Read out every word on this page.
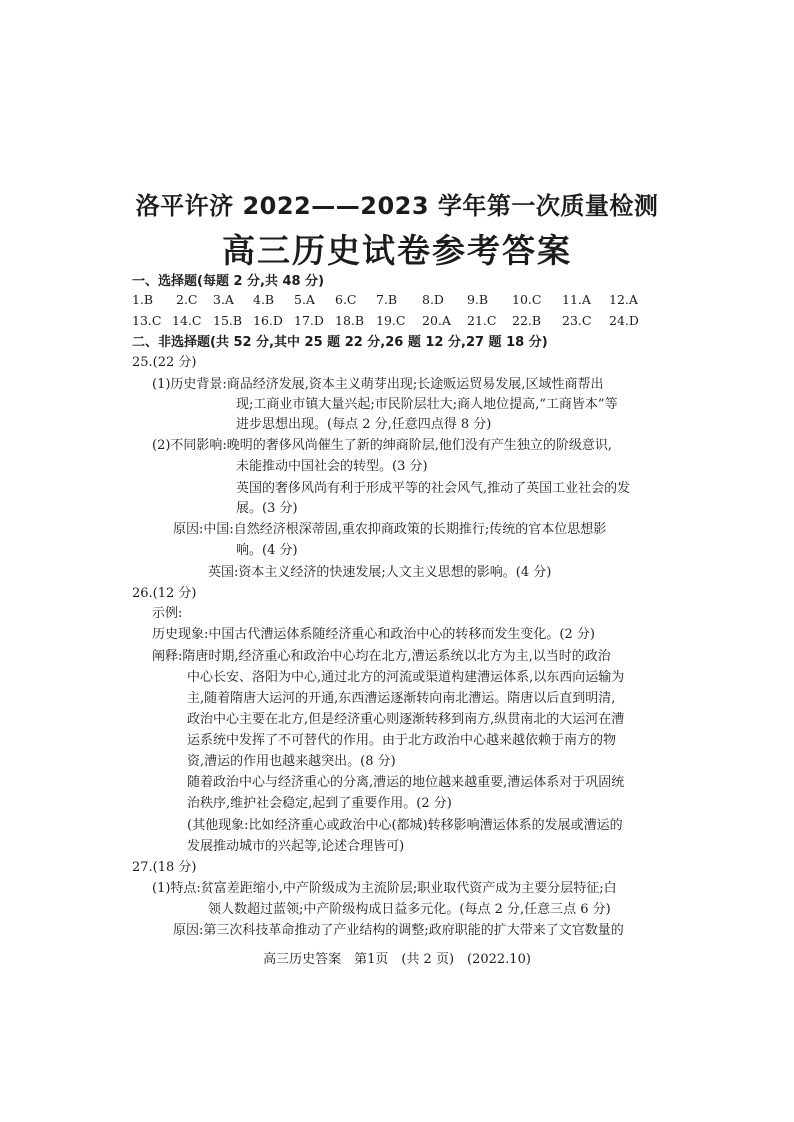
洛平许济 2022——2023 学年第一次质量检测
高三历史试卷参考答案
一、选择题(每题 2 分,共 48 分)
1.B 2.C 3.A 4.B 5.A 6.C 7.B 8.D 9.B 10.C 11.A 12.A
13.C 14.C 15.B 16.D 17.D 18.B 19.C 20.A 21.C 22.B 23.C 24.D
二、非选择题(共 52 分,其中 25 题 22 分,26 题 12 分,27 题 18 分)
25.(22 分)
(1)历史背景:商品经济发展,资本主义萌芽出现;长途贩运贸易发展,区域性商帮出
现;工商业市镇大量兴起;市民阶层壮大;商人地位提高,“工商皆本”等
进步思想出现。(每点 2 分,任意四点得 8 分)
(2)不同影响:晚明的奢侈风尚催生了新的绅商阶层,他们没有产生独立的阶级意识,
未能推动中国社会的转型。(3 分)
英国的奢侈风尚有利于形成平等的社会风气,推动了英国工业社会的发
展。(3 分)
原因:中国:自然经济根深蒂固,重农抑商政策的长期推行;传统的官本位思想影
响。(4 分)
英国:资本主义经济的快速发展;人文主义思想的影响。(4 分)
26.(12 分)
示例:
历史现象:中国古代漕运体系随经济重心和政治中心的转移而发生变化。(2 分)
阐释:隋唐时期,经济重心和政治中心均在北方,漕运系统以北方为主,以当时的政治
中心长安、洛阳为中心,通过北方的河流或渠道构建漕运体系,以东西向运输为
主,随着隋唐大运河的开通,东西漕运逐渐转向南北漕运。隋唐以后直到明清,
政治中心主要在北方,但是经济重心则逐渐转移到南方,纵贯南北的大运河在漕
运系统中发挥了不可替代的作用。由于北方政治中心越来越依赖于南方的物
资,漕运的作用也越来越突出。(8 分)
随着政治中心与经济重心的分离,漕运的地位越来越重要,漕运体系对于巩固统
治秩序,维护社会稳定,起到了重要作用。(2 分)
(其他现象:比如经济重心或政治中心(都城)转移影响漕运体系的发展或漕运的
发展推动城市的兴起等,论述合理皆可)
27.(18 分)
(1)特点:贫富差距缩小,中产阶级成为主流阶层;职业取代资产成为主要分层特征;白
领人数超过蓝领;中产阶级构成日益多元化。(每点 2 分,任意三点 6 分)
原因:第三次科技革命推动了产业结构的调整;政府职能的扩大带来了文官数量的
高三历史答案　第1页　(共 2 页)　(2022.10)
